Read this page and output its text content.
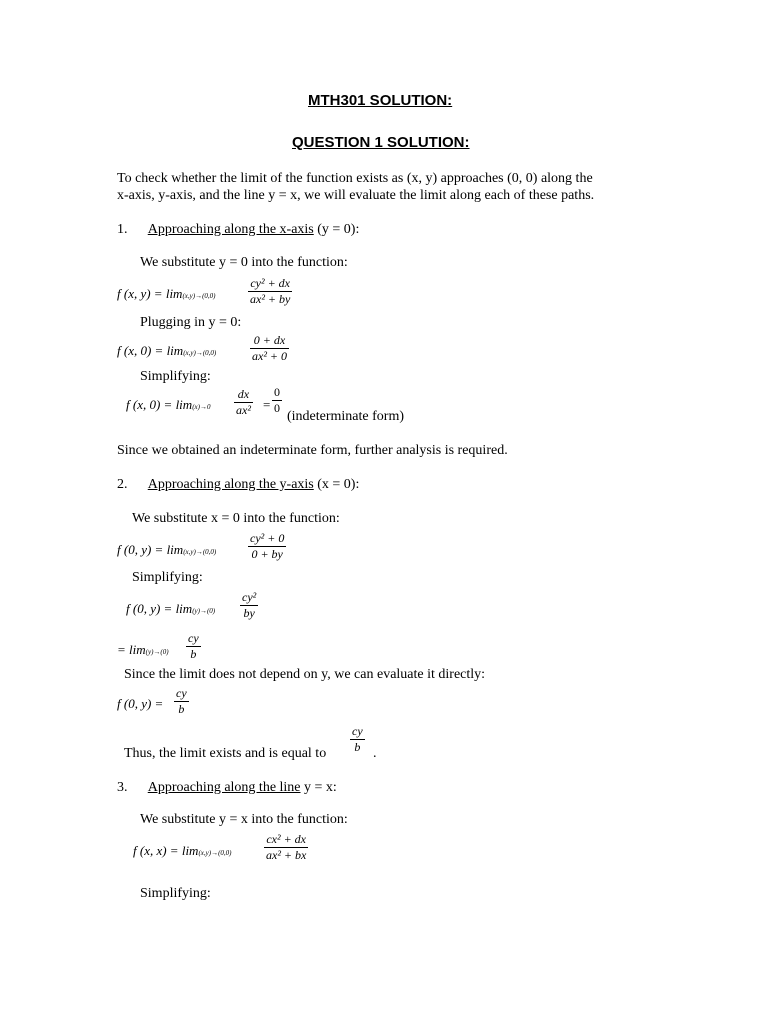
MTH301 SOLUTION:
QUESTION 1 SOLUTION:
To check whether the limit of the function exists as (x, y) approaches (0, 0) along the
x-axis, y-axis, and the line y = x, we will evaluate the limit along each of these paths.
1. Approaching along the x-axis (y = 0):
We substitute y = 0 into the function:
f (x, y) = lim(x,y)→(0,0)	$\frac{\text{cy² + dx}}{\text{ax² + by}}$
Plugging in y = 0:
f (x, 0) = lim(x,y)→(0,0)	$\frac{0 + dx}{\text{ax² + 0}}$
Simplifying:
f (x, $0) = \lim(x)\to 0 \frac{dx}{\text{ax²}} = \frac{0}{0}$
(indeterminate form)
Since we obtained an indeterminate form, further analysis is required.
2. Approaching along the y-axis (x = 0):
We substitute x = 0 into the function:
f (0, y) = lim(x,y)→(0,0)	$\frac{\text{cy² + 0}}{0 + by}$
Simplifying:
f (0, $y) = \lim(y)\to(0) \frac{\text{cy²}}{by}$
= $\lim(y)\to(0) \frac{cy}{b}$
Since the limit does not depend on y, we can evaluate it directly:
f (0, $y) = \frac{cy}{b}$
$\frac{cy}{b}$
Thus, the limit exists and is equal to	.
3. Approaching along the line y = x:
We substitute y = x into the function:
f (x, x) = lim(x,y)→(0,0)	$\frac{\text{cx² + dx}}{\text{ax² + bx}}$
Simplifying:
